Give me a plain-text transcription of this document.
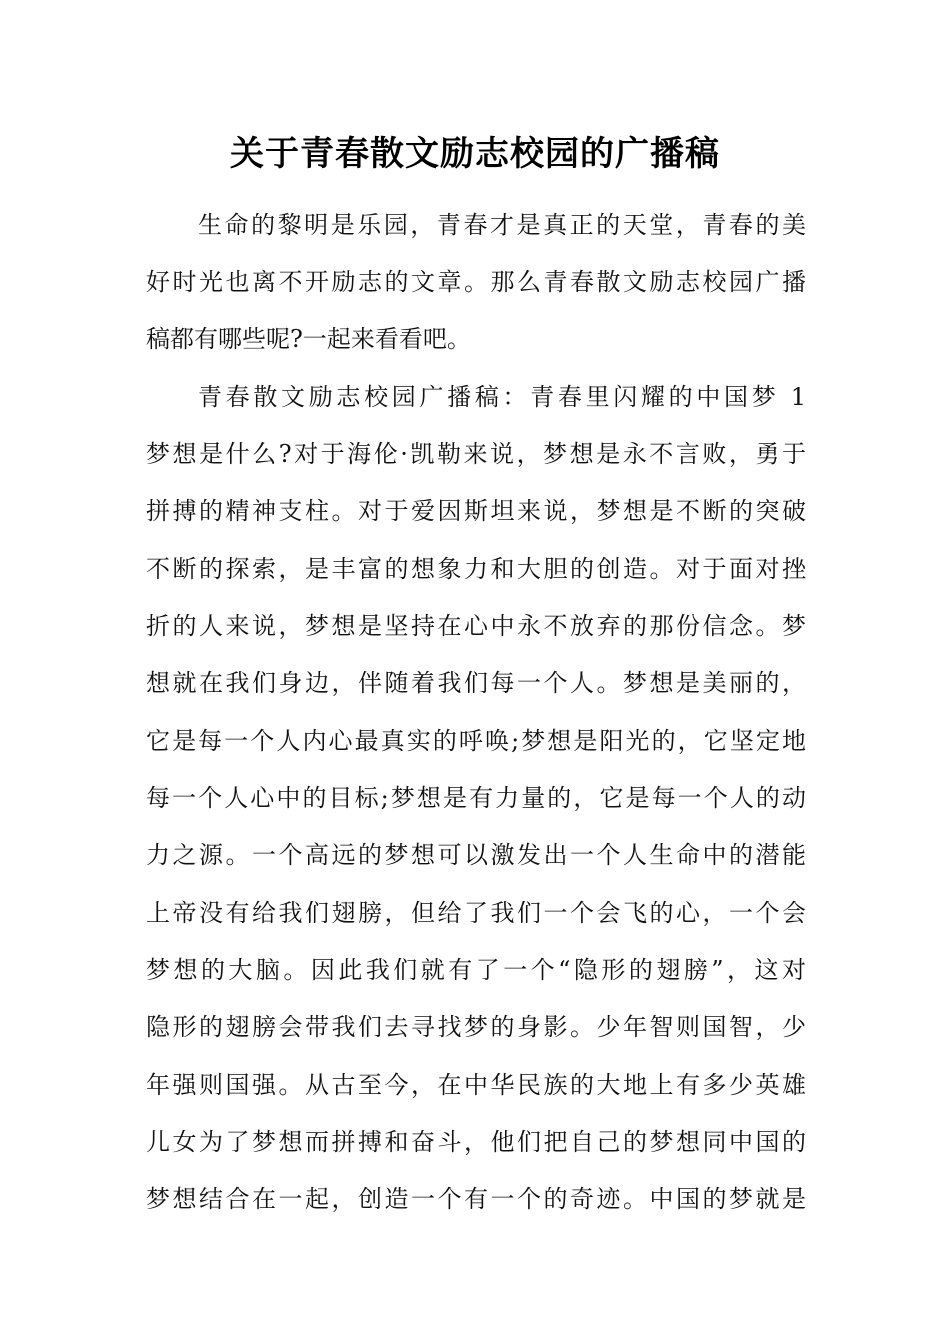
关于青春散文励志校园的广播稿
生命的黎明是乐园，青春才是真正的天堂，青春的美
好时光也离不开励志的文章。那么青春散文励志校园广播
稿都有哪些呢?一起来看看吧。
青春散文励志校园广播稿：青春里闪耀的中国梦 1
梦想是什么?对于海伦·凯勒来说，梦想是永不言败，勇于
拼搏的精神支柱。对于爱因斯坦来说，梦想是不断的突破
不断的探索，是丰富的想象力和大胆的创造。对于面对挫
折的人来说，梦想是坚持在心中永不放弃的那份信念。梦
想就在我们身边，伴随着我们每一个人。梦想是美丽的，
它是每一个人内心最真实的呼唤;梦想是阳光的，它坚定地
每一个人心中的目标;梦想是有力量的，它是每一个人的动
力之源。一个高远的梦想可以激发出一个人生命中的潜能
上帝没有给我们翅膀，但给了我们一个会飞的心，一个会
梦想的大脑。因此我们就有了一个“隐形的翅膀”，这对
隐形的翅膀会带我们去寻找梦的身影。少年智则国智，少
年强则国强。从古至今，在中华民族的大地上有多少英雄
儿女为了梦想而拼搏和奋斗，他们把自己的梦想同中国的
梦想结合在一起，创造一个有一个的奇迹。中国的梦就是
